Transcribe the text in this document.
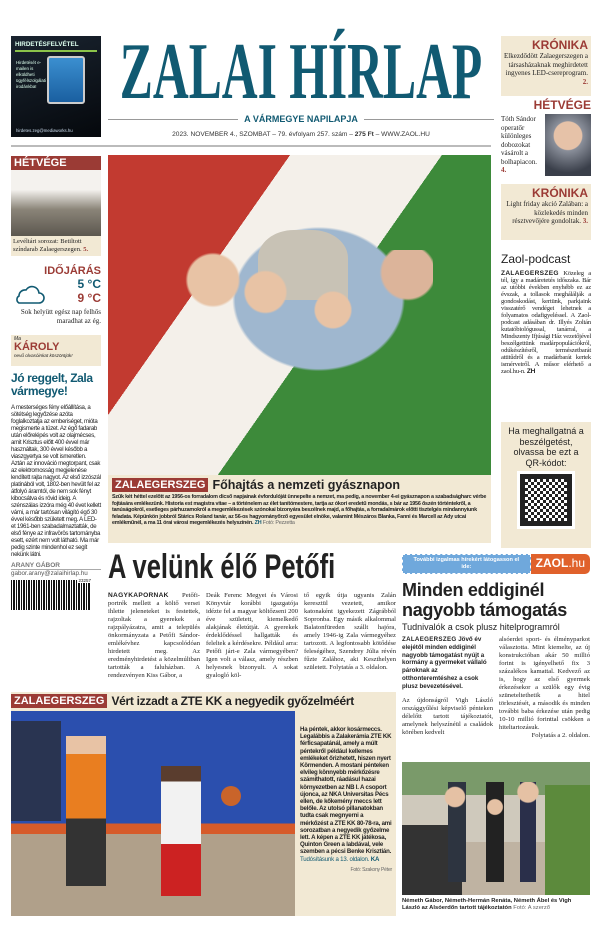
HIRDETÉSFELVÉTEL
Hirdetését e-mailen is elküldheti ügyfélszolgálati irodánkba!
hirdetes.zeg@mediaworks.hu
ZALAI HÍRLAP
A VÁRMEGYE NAPILAPJA
2023. NOVEMBER 4., SZOMBAT – 79. évfolyam 257. szám – 275 Ft – WWW.ZAOL.HU
KRÓNIKA
Elkezdődött Zalaegerszegen a társasházaknak meghirdetett ingyenes LED-csereprogram. 2.
HÉTVÉGE
Tóth Sándor operatőr különleges dobozokat vásárolt a bolhapiacon. 4.
KRÓNIKA
Light friday akció Zalában: a közlekedés minden résztvevőjére gondoltak. 3.
Zaol-podcast
ZALAEGERSZEG Közeleg a tél, így a madáretetés időszaka. Bár az utóbbi években enyhébb ez az évszak, a tollasok meghálálják a gondoskodást, kertünk, parkjaink visszatérő vendégei lehetnek a folyamatos odafigyeléssel. A Zaol-podcast adásában dr. Illyés Zoltán kutatóbiológussal, tanárral, a Mindszenty Ifjúsági Ház vezetőjével beszélgettünk madárpopulációkról, odúkészítésről, természetbarát attitűdről és a madárbarát kertek ismérveiről. A műsor elérhető a zaol.hu-n. ZH
Ha meghallgatná a beszélgetést, olvassa be ezt a QR-kódot:
HÉTVÉGE
Levéltári sorozat: Betiltott színdarab Zalaegerszegen. 5.
IDŐJÁRÁS
5 °C
9 °C
Sok helyütt egész nap felhős maradhat az ég.
Ma
KÁROLY
nevű olvasóinkat köszöntjük!
Jó reggelt, Zala vármegye!
A mesterséges fény előállítása, a sötétség legyőzése azóta foglalkoztatja az emberiséget, mióta megismerte a tüzet. Az égő fadarab után előrelépés volt az olajmécses, amit Krisztus előtt 400 évvel már használtak, 300 évvel később a viaszgyertya se volt ismeretlen. Aztán az innováció megtorpant, csak az elektromosság megjelenése lendített rajta nagyot. Az első izzószál platinából volt, 1802-ben hevült fel az átfolyó áramtól, de nem sok fényt kibocsátva és rövid ideig. A szénszálas izzóra még 40 évet kellett várni, a már tartósan világító égő 30 évvel később született meg. A LED-et 1961-ben szabadalmaztatták, de első fénye az infravörös tartományba esett, ezért nem volt látható. Ma már pedig szinte mindenhol ez segít nekünk látni.
ARANY GÁBOR
gabor.arany@zalaihirlap.hu
23257
ZALAEGERSZEG Főhajtás a nemzeti gyásznapon
Szűk két héttel ezelőtt az 1956-os forradalom dicső napjainak évfordulóját ünnepelte a nemzet, ma pedig, a november 4-ei gyásznapon a szabadságharc vérbe fojtására emlékezünk. Historia est magistra vitae – a történelem az élet tanítómestere, tartja az ókori eredetű mondás, s bár az 1956 őszén történtekről, a tanúságokról, esetleges párhuzamokról a megemlékezések szónokai bizonyára beszélnek majd, a főhajtás, a forradalmárok előtti tisztelgés mindannyiunk feladata. Képünkön jobbról Stárics Roland tanár, az 56-os hagyományőrző egyesület elnöke, valamint Mészáros Blanka, Fanni és Marcell az Ady utcai emlékműnél, a ma 11 órai városi megemlékezés helyszínén. ZH Fotó: Pezzetta
A velünk élő Petőfi
NAGYKAPORNAK Petőfi-portrék mellett a költő versei ihlette jeleneteket is festettek, rajzoltak a gyerekek a rajzpályázatra, amit a település önkormányzata a Petőfi Sándor-emlékévhez kapcsolódóan hirdetett meg. Az eredményhirdetést a közelmúltban tartották a faluházban. A rendezvényen Kiss Gábor, a
Deák Ferenc Megyei és Városi Könyvtár korábbi igazgatója idézte fel a magyar költőzseni 200 éve született, kiemelkedő alakjának életútját. A gyerekek érdeklődéssel hallgatták és feleltek a kérdésekre. Például arra: Petőfi járt-e Zala vármegyében? Igen volt a válasz, amely részben helyesnek bizonyult. A sokat gyalogló köl-
tő egyik útja ugyanis Zalán keresztül vezetett, amikor katonaként igyekezett Zágrábból Sopronba. Egy másik alkalommal Balatonfüreden szállt hajóra, amely 1946-ig Zala vármegyéhez tartozott. A legfontosabb kötődése feleségéhez, Szendrey Júlia révén fűzte Zalához, aki Keszthelyen született. Folytatás a 3. oldalon.
További izgalmas hírekért látogasson el ide:	ZAOL.hu
Minden eddiginél nagyobb támogatás
Tudnivalók a csok plusz hitelprogramról
ZALAEGERSZEG Jövő év elejétől minden eddiginél nagyobb támogatást nyújt a kormány a gyermeket vállaló pároknak az otthonteremtéshez a csok plusz bevezetésével.
Az újdonságról Vigh László országgyűlési képviselő pénteken délelőtt tartott tájékoztatót, amelynek helyszínéül a családok körében kedvelt
alsóerdei sport- és élményparkot választotta. Mint kiemelte, az új konstrukcióban akár 50 millió forint is igényelhető fix 3 százalékos kamattal. Kedvező az is, hogy az első gyermek érkezésekor a szülők egy évig szüneteltethetik a hitel törlesztését, a második és minden további baba érkezése után pedig 10-10 millió forinttal csökken a hiteltartozásuk.
Folytatás a 2. oldalon.
Németh Gábor, Németh-Hermán Renáta, Németh Ábel és Vigh László az Alsóerdőn tartott tájékoztatón Fotó: A szerző
ZALAEGERSZEG Vért izzadt a ZTE KK a negyedik győzelméért
Ha péntek, akkor kosármeccs. Legalábbis a Zalakerámia ZTE KK férficsapatánál, amely a múlt péntekről például kellemes emlékeket őrizhetett, hiszen nyert Körmenden. A mostani pénteken elvileg könnyebb mérkőzésre számíthatott, ráadásul hazai környezetben az NB I. A csoport újonca, az NKA Universitas Pécs ellen, de kőkemény meccs lett belőle. Az utolsó pillanatokban tudta csak megnyerni a mérkőzést a ZTE KK 80-78-ra, ami sorozatban a negyedik győzelme lett. A képen a ZTE KK játékosa, Quinton Green a labdával, vele szemben a pécsi Benke Krisztián. Tudósításunk a 13. oldalon. KA
Fotó: Szakony Péter
